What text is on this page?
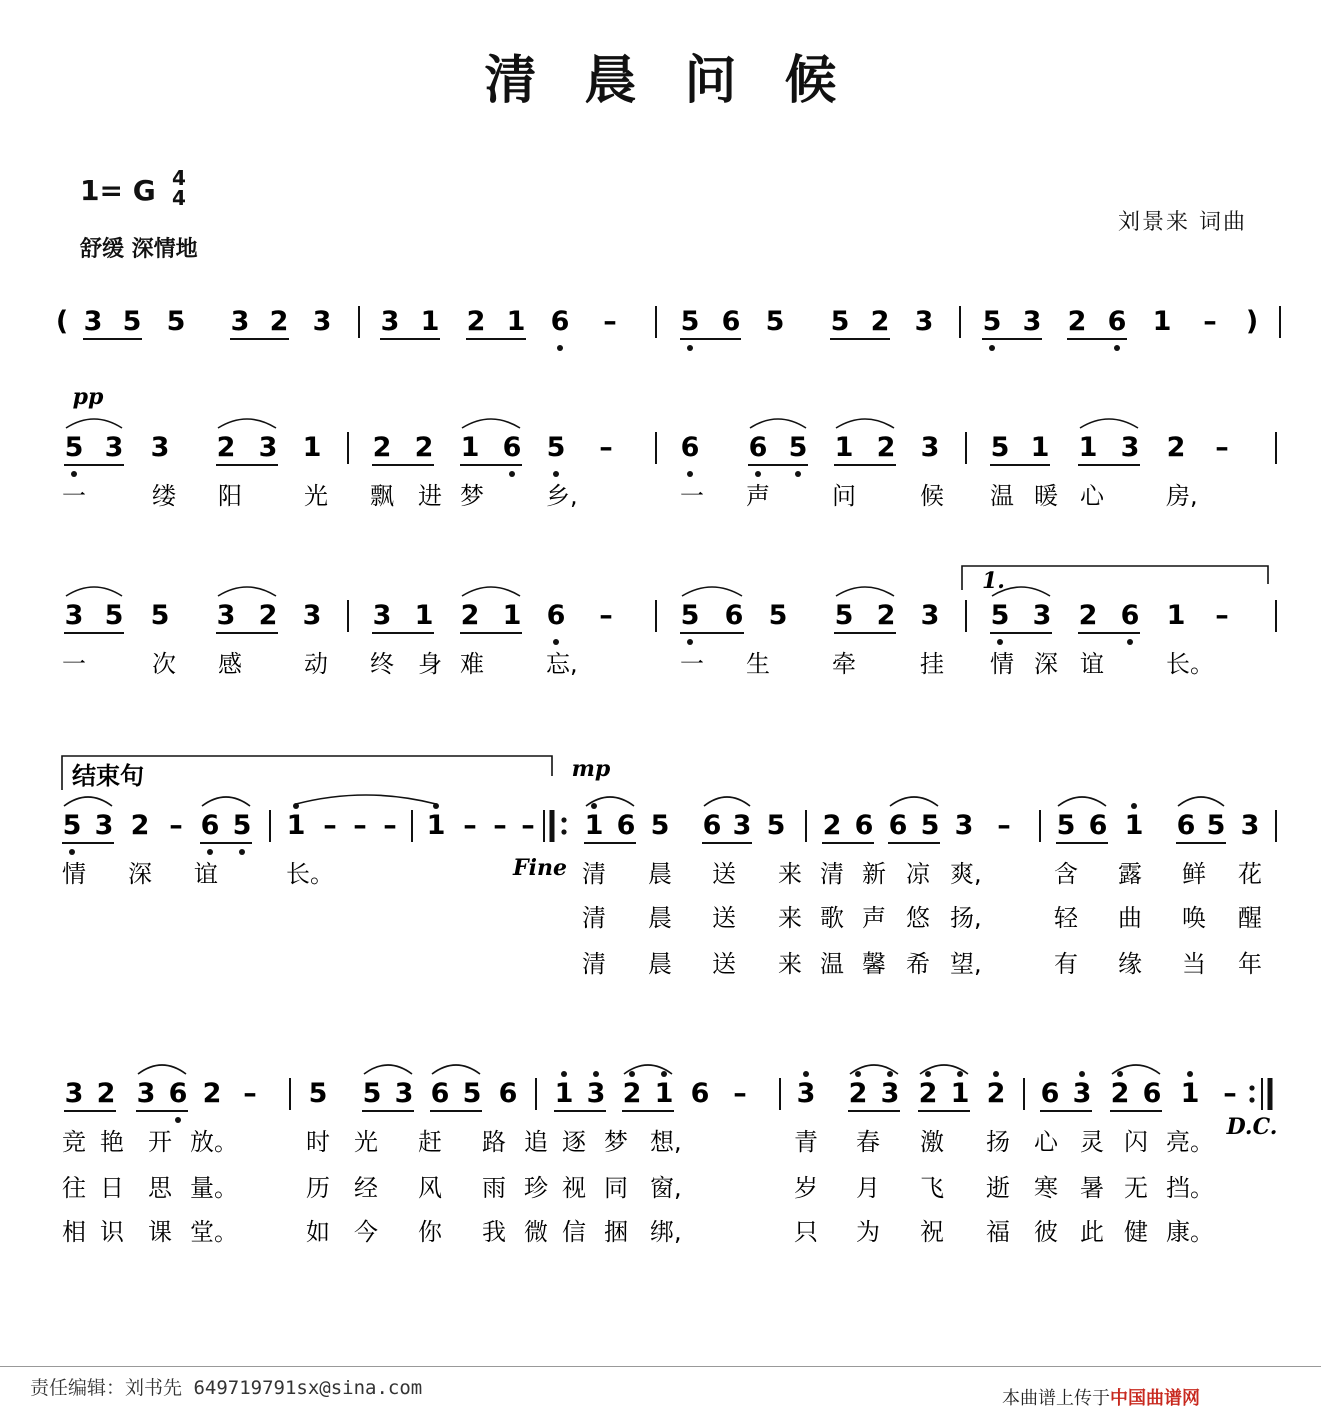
清晨问候
1= G 4
4
舒缓 深情地
刘景来 词曲
( 3 5 5 3 2 3 3 1 2 1 6 – 5 6 5 5 2 3 5 3 2 6 1 – )
pp
5 3 3 2 3 1 2 2 1 6 5 –	6 6 5 1 2 3 5 1 1 3 2 –
一	缕 阳	光 飘 进 梦	乡,	一 声	问	候 温 暖 心	房,
3 5 5 3 2 3 3 1 2 1 6 –	5 6 5 5 2 3 5 3 2 6 1 –
一	次 感	动 终 身 难	忘,	一 生	牵	挂 情 深 谊	长。
1.
结束句
5 3 2 – 6 5 1 – – – 1 – – –
mp
Fine
1 6 5 6 3 5 2 6 6 5 3 – 5 6 1 6 5 3
情 深 谊	长。	清 晨 送 来 清 新 凉 爽,	含 露 鲜 花
清 晨 送 来 歌 声 悠 扬,	轻 曲 唤 醒
清 晨 送 来 温 馨 希 望,	有 缘 当 年
3 2 3 6 2 – 5 5 3 6 5 6 1 3 2 1 6 – 3 2 3 2 1 2 6 3 2 6 1 –
D.C.
竞 艳 开 放。	时 光 赶 路 追 逐 梦 想,	青 春 激 扬 心 灵 闪 亮。
往 日 思 量。	历 经 风 雨 珍 视 同 窗,	岁 月 飞 逝 寒 暑 无 挡。
相 识 课 堂。	如 今 你 我 微 信 捆 绑,	只 为 祝 福 彼 此 健 康。
责任编辑：刘书先 649719791sx@sina.com	本曲谱上传于中国曲谱网
